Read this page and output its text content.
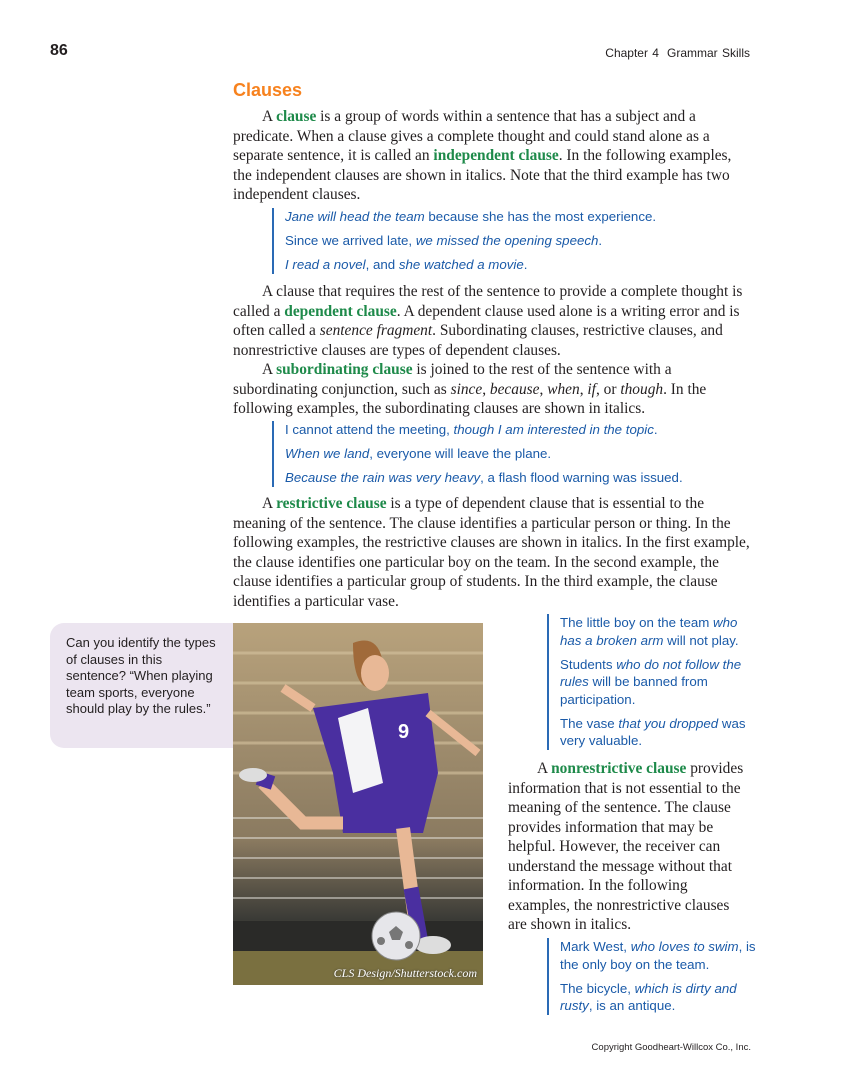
86	Chapter 4 Grammar Skills
Clauses

A clause is a group of words within a sentence that has a subject and a predicate. When a clause gives a complete thought and could stand alone as a separate sentence, it is called an independent clause. In the following examples, the independent clauses are shown in italics. Note that the third example has two independent clauses.

Jane will head the team because she has the most experience.
Since we arrived late, we missed the opening speech.
I read a novel, and she watched a movie.

A clause that requires the rest of the sentence to provide a complete thought is called a dependent clause. A dependent clause used alone is a writing error and is often called a sentence fragment. Subordinating clauses, restrictive clauses, and nonrestrictive clauses are types of dependent clauses.

A subordinating clause is joined to the rest of the sentence with a subordinating conjunction, such as since, because, when, if, or though. In the following examples, the subordinating clauses are shown in italics.

I cannot attend the meeting, though I am interested in the topic.
When we land, everyone will leave the plane.
Because the rain was very heavy, a flash flood warning was issued.

A restrictive clause is a type of dependent clause that is essential to the meaning of the sentence. The clause identifies a particular person or thing. In the following examples, the restrictive clauses are shown in italics. In the first example, the clause identifies one particular boy on the team. In the second example, the clause identifies a particular group of students. In the third example, the clause identifies a particular vase.

Can you identify the types of clauses in this sentence? “When playing team sports, everyone should play by the rules.”
9
CLS Design/Shutterstock.com
The little boy on the team who has a broken arm will not play.
Students who do not follow the rules will be banned from participation.
The vase that you dropped was very valuable.

A nonrestrictive clause provides information that is not essential to the meaning of the sentence. The clause provides information that may be helpful. However, the receiver can understand the message without that information. In the following examples, the nonrestrictive clauses are shown in italics.

Mark West, who loves to swim, is the only boy on the team.
The bicycle, which is dirty and rusty, is an antique.
Copyright Goodheart-Willcox Co., Inc.
